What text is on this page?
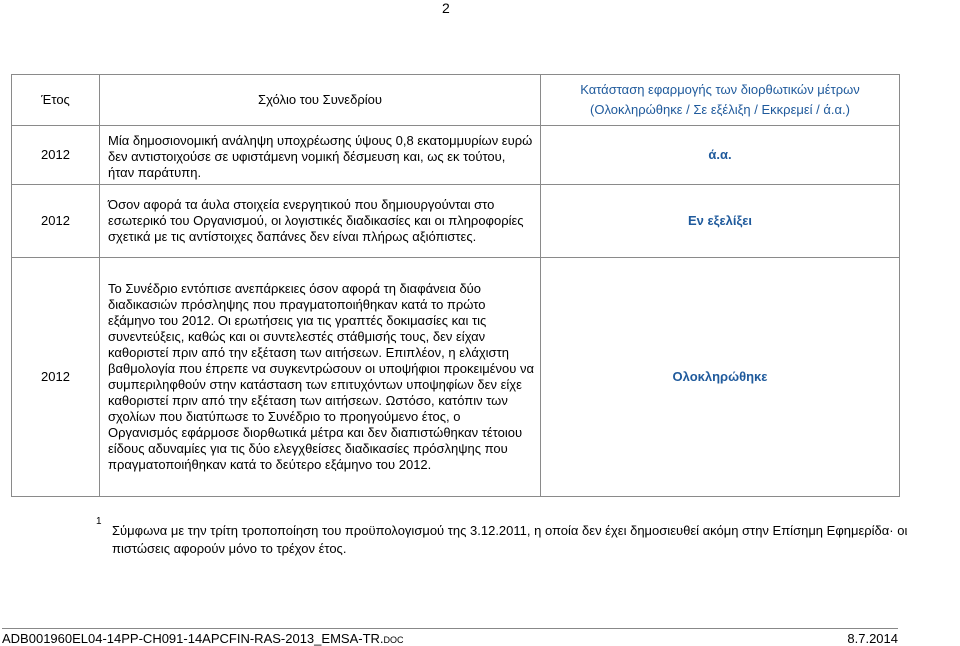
2
Έτος	Σχόλιο του Συνεδρίου	Κατάσταση εφαρμογής των διορθωτικών μέτρων
(Ολοκληρώθηκε / Σε εξέλιξη / Εκκρεμεί / ά.α.)
2012	Μία δημοσιονομική ανάληψη υποχρέωσης ύψους 0,8 εκατομμυρίων ευρώ δεν αντιστοιχούσε σε υφιστάμενη νομική δέσμευση και, ως εκ τούτου, ήταν παράτυπη.	ά.α.
2012	Όσον αφορά τα άυλα στοιχεία ενεργητικού που δημιουργούνται στο εσωτερικό του Οργανισμού, οι λογιστικές διαδικασίες και οι πληροφορίες σχετικά με τις αντίστοιχες δαπάνες δεν είναι πλήρως αξιόπιστες.	Εν εξελίξει
2012	Το Συνέδριο εντόπισε ανεπάρκειες όσον αφορά τη διαφάνεια δύο διαδικασιών πρόσληψης που πραγματοποιήθηκαν κατά το πρώτο εξάμηνο του 2012. Οι ερωτήσεις για τις γραπτές δοκιμασίες και τις συνεντεύξεις, καθώς και οι συντελεστές στάθμισής τους, δεν είχαν καθοριστεί πριν από την εξέταση των αιτήσεων. Επιπλέον, η ελάχιστη βαθμολογία που έπρεπε να συγκεντρώσουν οι υποψήφιοι προκειμένου να συμπεριληφθούν στην κατάσταση των επιτυχόντων υποψηφίων δεν είχε καθοριστεί πριν από την εξέταση των αιτήσεων. Ωστόσο, κατόπιν των σχολίων που διατύπωσε το Συνέδριο το προηγούμενο έτος, ο Οργανισμός εφάρμοσε διορθωτικά μέτρα και δεν διαπιστώθηκαν τέτοιου είδους αδυναμίες για τις δύο ελεγχθείσες διαδικασίες πρόσληψης που πραγματοποιήθηκαν κατά το δεύτερο εξάμηνο του 2012.	Ολοκληρώθηκε
1
Σύμφωνα με την τρίτη τροποποίηση του προϋπολογισμού της 3.12.2011, η οποία δεν έχει δημοσιευθεί ακόμη στην Επίσημη Εφημερίδα· οι πιστώσεις αφορούν μόνο το τρέχον έτος.
ADB001960EL04-14PP-CH091-14APCFIN-RAS-2013_EMSA-TR.DOC	8.7.2014
